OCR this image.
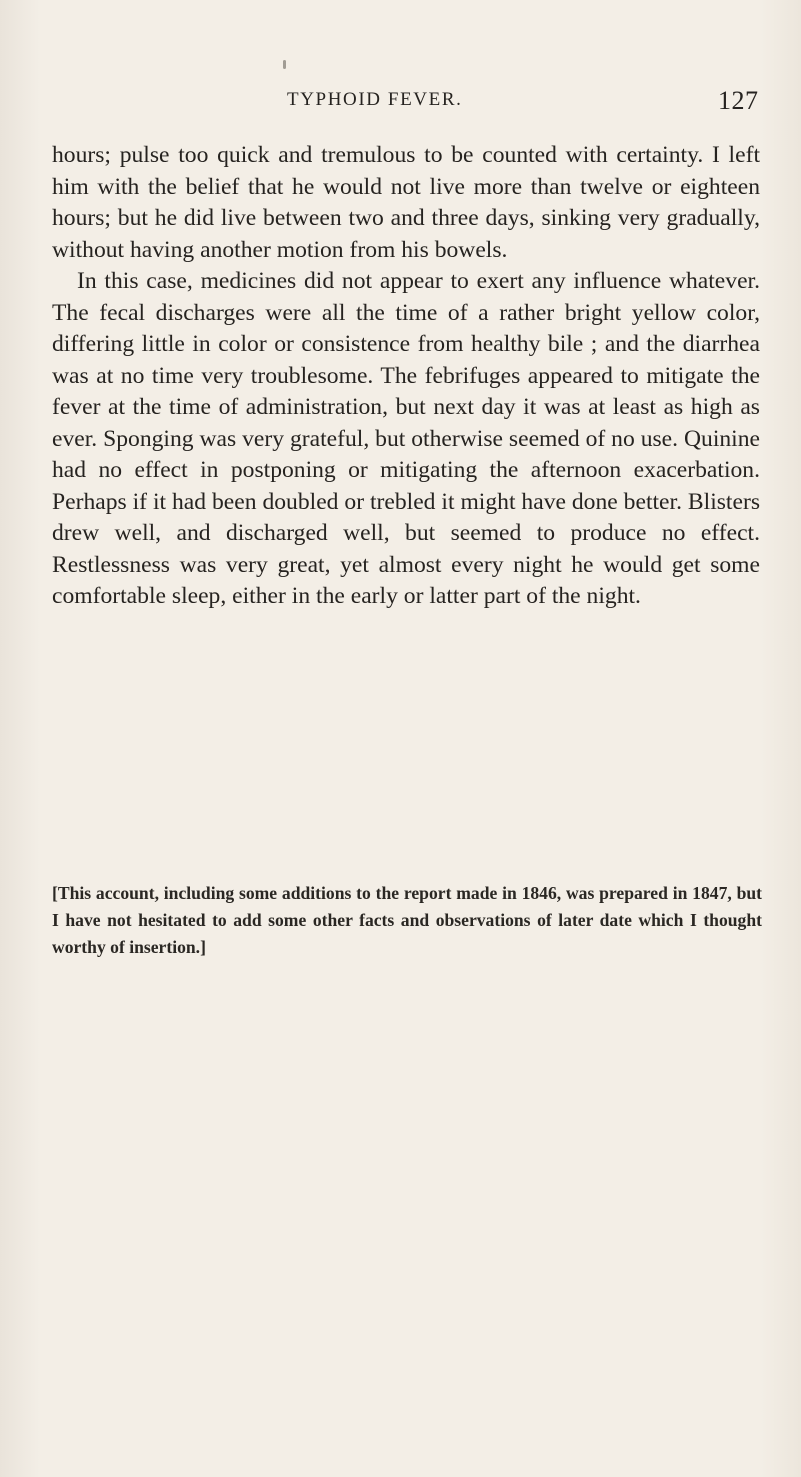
TYPHOID FEVER.	127

hours; pulse too quick and tremulous to be counted with certainty. I left him with the belief that he would not live more than twelve or eighteen hours; but he did live between two and three days, sinking very gradually, without having another motion from his bowels.

In this case, medicines did not appear to exert any influence whatever. The fecal discharges were all the time of a rather bright yellow color, differing little in color or consistence from healthy bile ; and the diarrhea was at no time very troublesome. The febrifuges appeared to mitigate the fever at the time of administration, but next day it was at least as high as ever. Sponging was very grateful, but otherwise seemed of no use. Quinine had no effect in postponing or mitigating the afternoon exacerbation. Perhaps if it had been doubled or trebled it might have done better. Blisters drew well, and discharged well, but seemed to produce no effect. Restlessness was very great, yet almost every night he would get some comfortable sleep, either in the early or latter part of the night.

[This account, including some additions to the report made in 1846, was prepared in 1847, but I have not hesitated to add some other facts and observations of later date which I thought worthy of insertion.]
